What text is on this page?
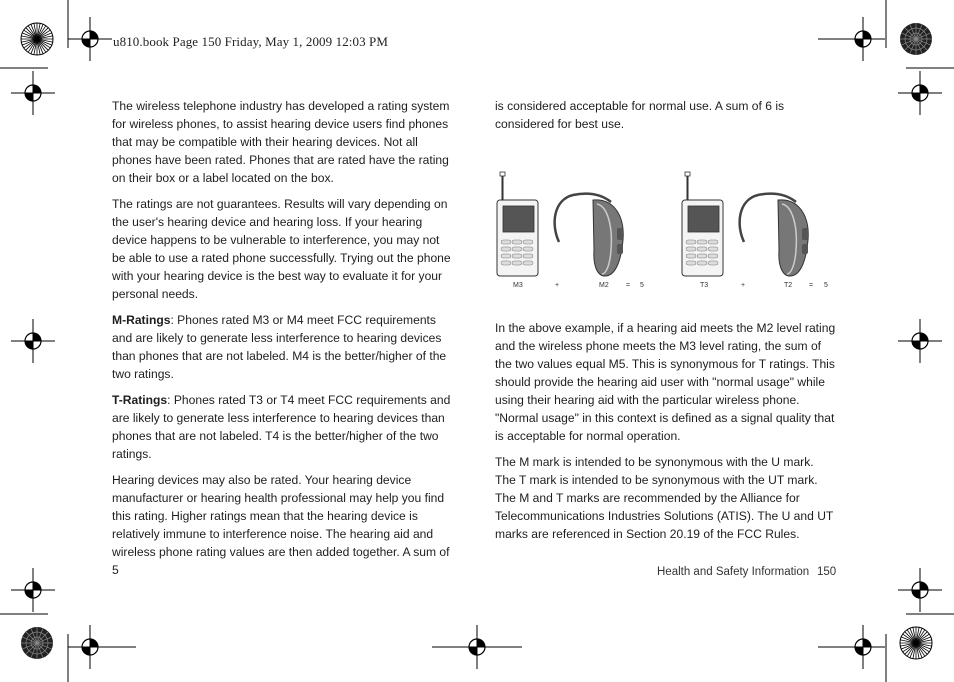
u810.book Page 150 Friday, May 1, 2009 12:03 PM

The wireless telephone industry has developed a rating system for wireless phones, to assist hearing device users find phones that may be compatible with their hearing devices. Not all phones have been rated. Phones that are rated have the rating on their box or a label located on the box.

The ratings are not guarantees. Results will vary depending on the user's hearing device and hearing loss. If your hearing device happens to be vulnerable to interference, you may not be able to use a rated phone successfully. Trying out the phone with your hearing device is the best way to evaluate it for your personal needs.

M-Ratings: Phones rated M3 or M4 meet FCC requirements and are likely to generate less interference to hearing devices than phones that are not labeled. M4 is the better/higher of the two ratings.

T-Ratings: Phones rated T3 or T4 meet FCC requirements and are likely to generate less interference to hearing devices than phones that are not labeled. T4 is the better/higher of the two ratings.

Hearing devices may also be rated. Your hearing device manufacturer or hearing health professional may help you find this rating. Higher ratings mean that the hearing device is relatively immune to interference noise. The hearing aid and wireless phone rating values are then added together. A sum of 5

is considered acceptable for normal use. A sum of 6 is considered for best use.

In the above example, if a hearing aid meets the M2 level rating and the wireless phone meets the M3 level rating, the sum of the two values equal M5. This is synonymous for T ratings. This should provide the hearing aid user with "normal usage" while using their hearing aid with the particular wireless phone. "Normal usage" in this context is defined as a signal quality that is acceptable for normal operation.

The M mark is intended to be synonymous with the U mark. The T mark is intended to be synonymous with the UT mark. The M and T marks are recommended by the Alliance for Telecommunications Industries Solutions (ATIS). The U and UT marks are referenced in Section 20.19 of the FCC Rules.

M3	+	M2 = 5	T3	+	T2 = 5
Health and Safety Information 150
